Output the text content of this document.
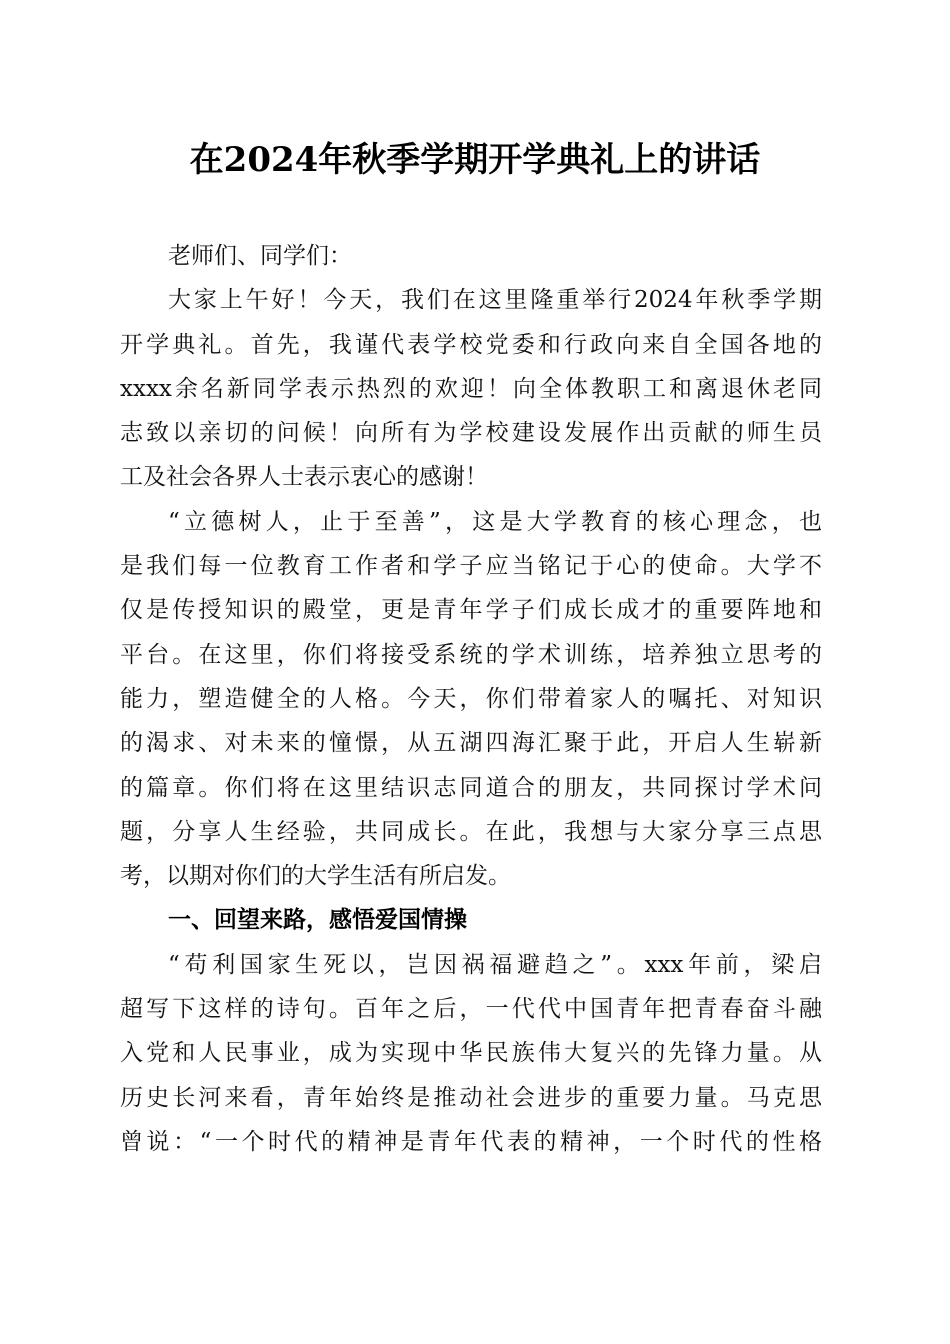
在2024年秋季学期开学典礼上的讲话

老师们、同学们：

大家上午好！今天，我们在这里隆重举行2024年秋季学期

开学典礼。首先，我谨代表学校党委和行政向来自全国各地的

xxxx余名新同学表示热烈的欢迎！向全体教职工和离退休老同

志致以亲切的问候！向所有为学校建设发展作出贡献的师生员

工及社会各界人士表示衷心的感谢！

“立德树人，止于至善”，这是大学教育的核心理念，也

是我们每一位教育工作者和学子应当铭记于心的使命。大学不

仅是传授知识的殿堂，更是青年学子们成长成才的重要阵地和

平台。在这里，你们将接受系统的学术训练，培养独立思考的

能力，塑造健全的人格。今天，你们带着家人的嘱托、对知识

的渴求、对未来的憧憬，从五湖四海汇聚于此，开启人生崭新

的篇章。你们将在这里结识志同道合的朋友，共同探讨学术问

题，分享人生经验，共同成长。在此，我想与大家分享三点思

考，以期对你们的大学生活有所启发。

一、回望来路，感悟爱国情操

“苟利国家生死以，岂因祸福避趋之”。xxx年前，梁启

超写下这样的诗句。百年之后，一代代中国青年把青春奋斗融

入党和人民事业，成为实现中华民族伟大复兴的先锋力量。从

历史长河来看，青年始终是推动社会进步的重要力量。马克思

曾说：“一个时代的精神是青年代表的精神，一个时代的性格
